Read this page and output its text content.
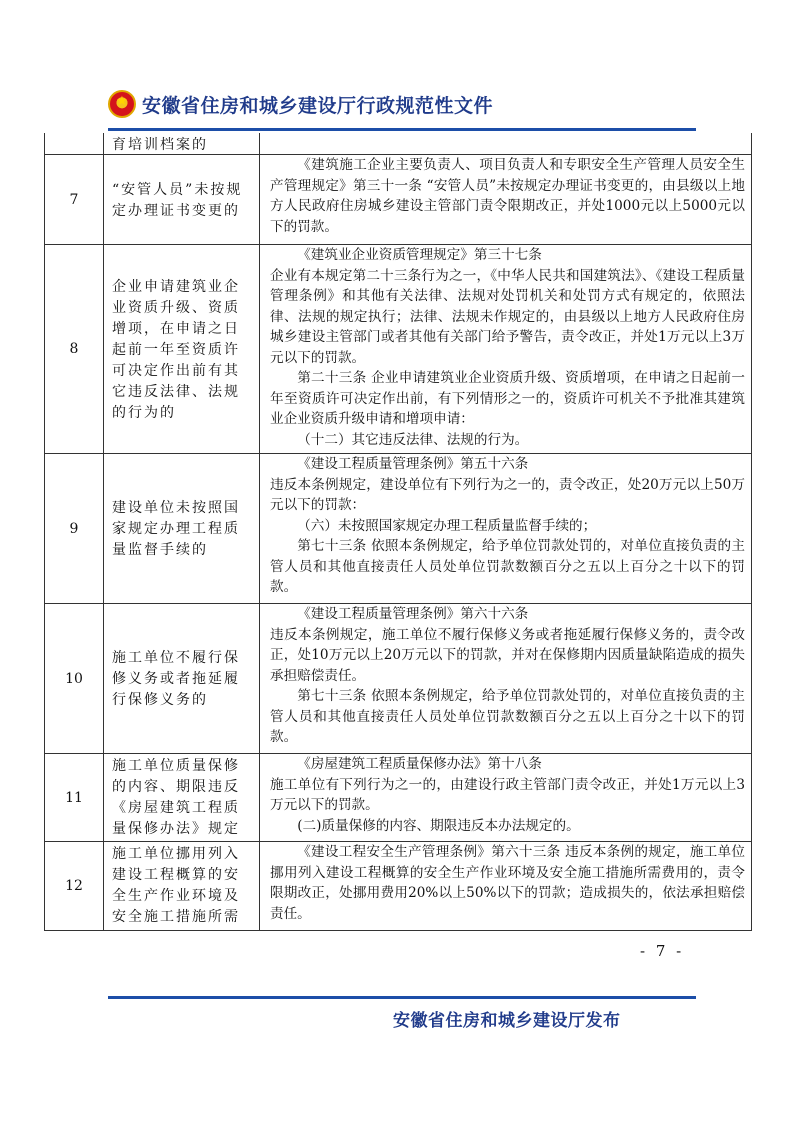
★
安徽省住房和城乡建设厅行政规范性文件
育培训档案的
7
“安管人员”未按规定办理证书变更的

《建筑施工企业主要负责人、项目负责人和专职安全生产管理人员安全生产管理规定》第三十一条 “安管人员”未按规定办理证书变更的，由县级以上地方人民政府住房城乡建设主管部门责令限期改正，并处1000元以上5000元以下的罚款。

8
企业申请建筑业企业资质升级、资质增项，在申请之日起前一年至资质许可决定作出前有其它违反法律、法规的行为的

《建筑业企业资质管理规定》第三十七条

企业有本规定第二十三条行为之一，《中华人民共和国建筑法》、《建设工程质量管理条例》和其他有关法律、法规对处罚机关和处罚方式有规定的，依照法律、法规的规定执行；法律、法规未作规定的，由县级以上地方人民政府住房城乡建设主管部门或者其他有关部门给予警告，责令改正，并处1万元以上3万元以下的罚款。

第二十三条 企业申请建筑业企业资质升级、资质增项，在申请之日起前一年至资质许可决定作出前，有下列情形之一的，资质许可机关不予批准其建筑业企业资质升级申请和增项申请：

（十二）其它违反法律、法规的行为。

9
建设单位未按照国家规定办理工程质量监督手续的

《建设工程质量管理条例》第五十六条

违反本条例规定，建设单位有下列行为之一的，责令改正，处20万元以上50万元以下的罚款：

（六）未按照国家规定办理工程质量监督手续的；

第七十三条 依照本条例规定，给予单位罚款处罚的，对单位直接负责的主管人员和其他直接责任人员处单位罚款数额百分之五以上百分之十以下的罚款。

10
施工单位不履行保修义务或者拖延履行保修义务的

《建设工程质量管理条例》第六十六条

违反本条例规定，施工单位不履行保修义务或者拖延履行保修义务的，责令改正，处10万元以上20万元以下的罚款，并对在保修期内因质量缺陷造成的损失承担赔偿责任。

第七十三条 依照本条例规定，给予单位罚款处罚的，对单位直接负责的主管人员和其他直接责任人员处单位罚款数额百分之五以上百分之十以下的罚款。

11
施工单位质量保修的内容、期限违反《房屋建筑工程质量保修办法》规定

《房屋建筑工程质量保修办法》第十八条

施工单位有下列行为之一的，由建设行政主管部门责令改正，并处1万元以上3万元以下的罚款。

(二)质量保修的内容、期限违反本办法规定的。

12
施工单位挪用列入建设工程概算的安全生产作业环境及安全施工措施所需

《建设工程安全生产管理条例》第六十三条 违反本条例的规定，施工单位挪用列入建设工程概算的安全生产作业环境及安全施工措施所需费用的，责令限期改正，处挪用费用20%以上50%以下的罚款；造成损失的，依法承担赔偿责任。

- 7 -
安徽省住房和城乡建设厅发布
